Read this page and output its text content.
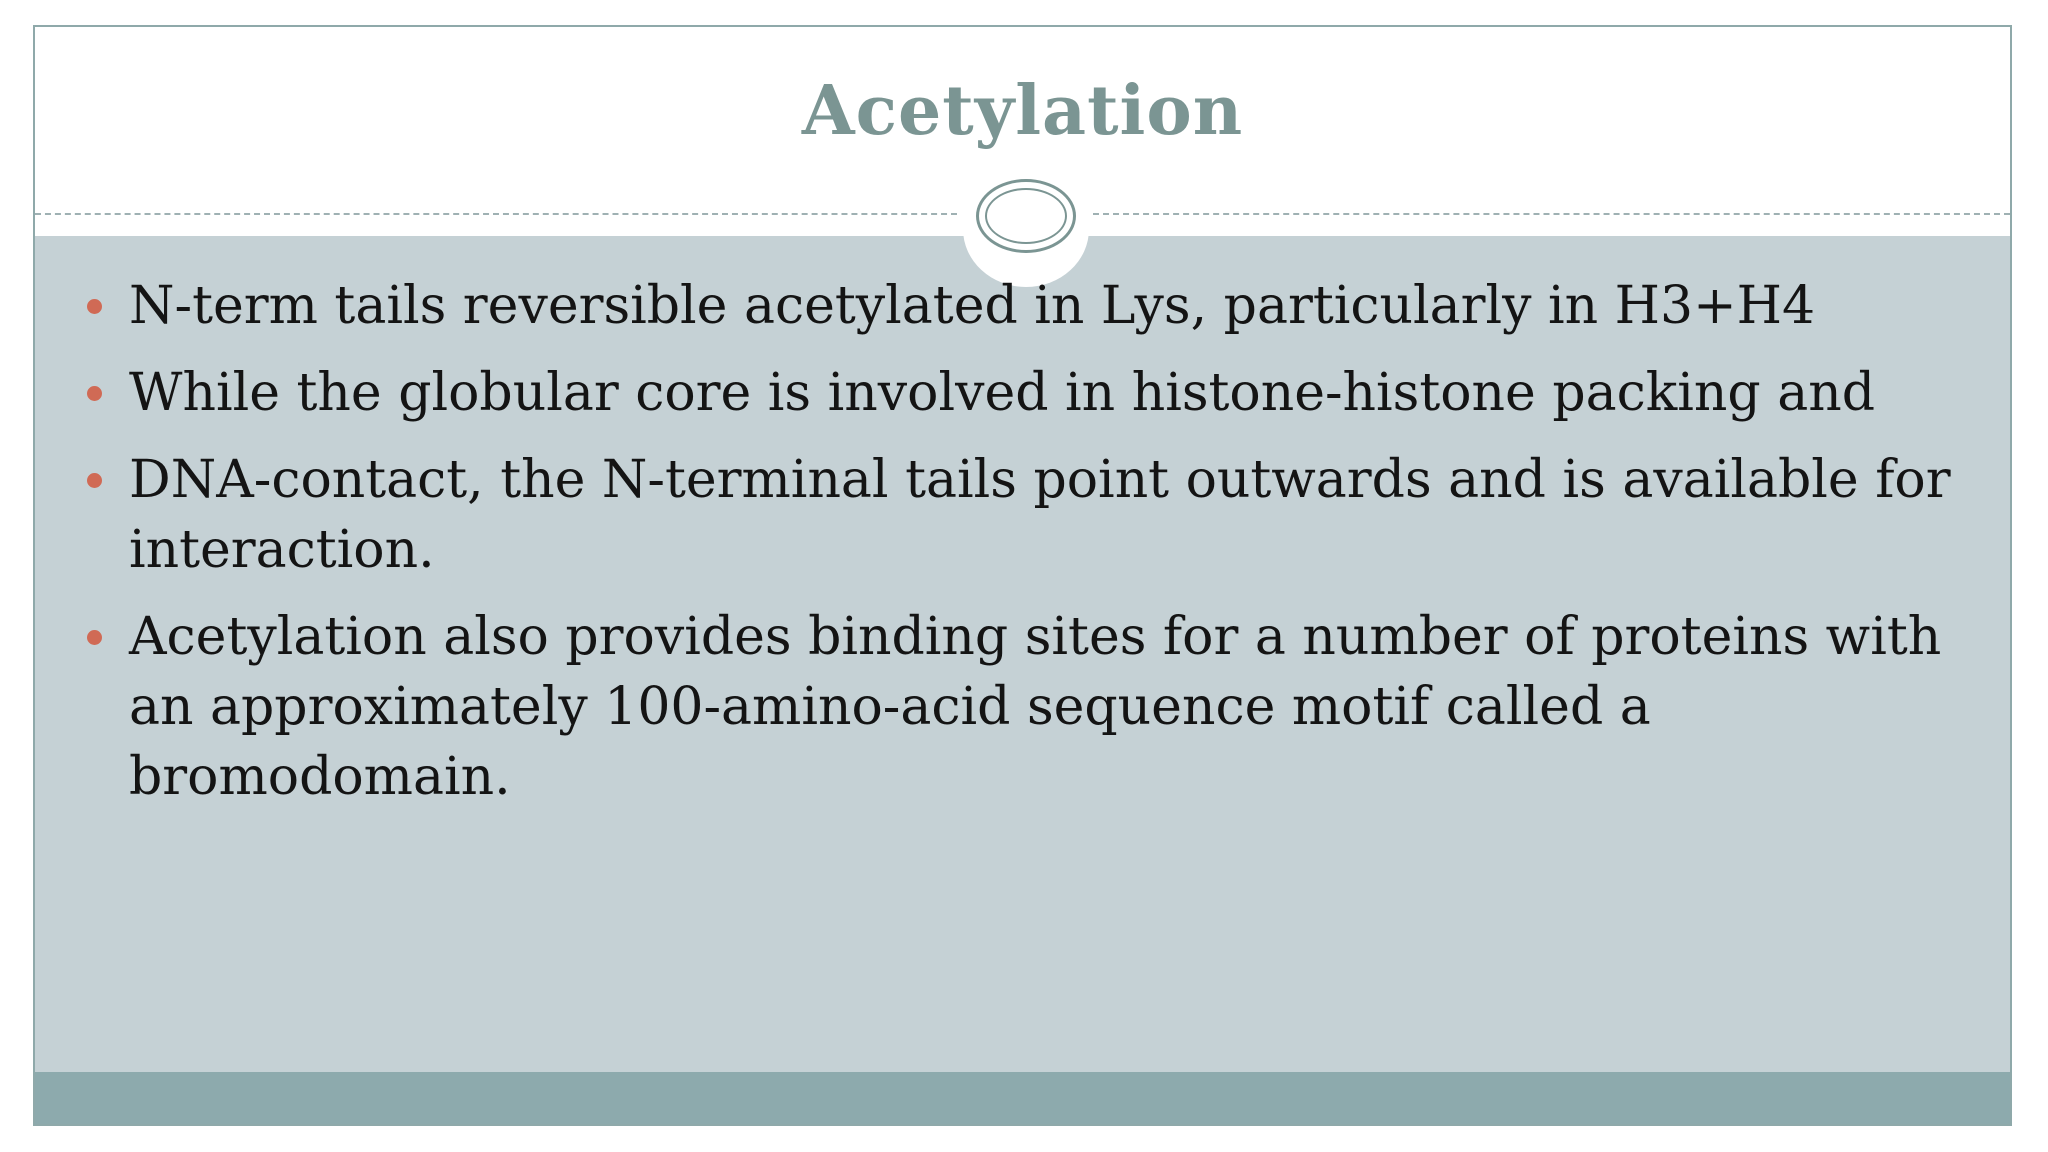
Acetylation
N-term tails reversible acetylated in Lys, particularly in H3+H4
While the globular core is involved in histone-histone packing and
DNA-contact, the N-terminal tails point outwards and is available for interaction.
Acetylation also provides binding sites for a number of proteins with an approximately 100-amino-acid sequence motif called a bromodomain.
